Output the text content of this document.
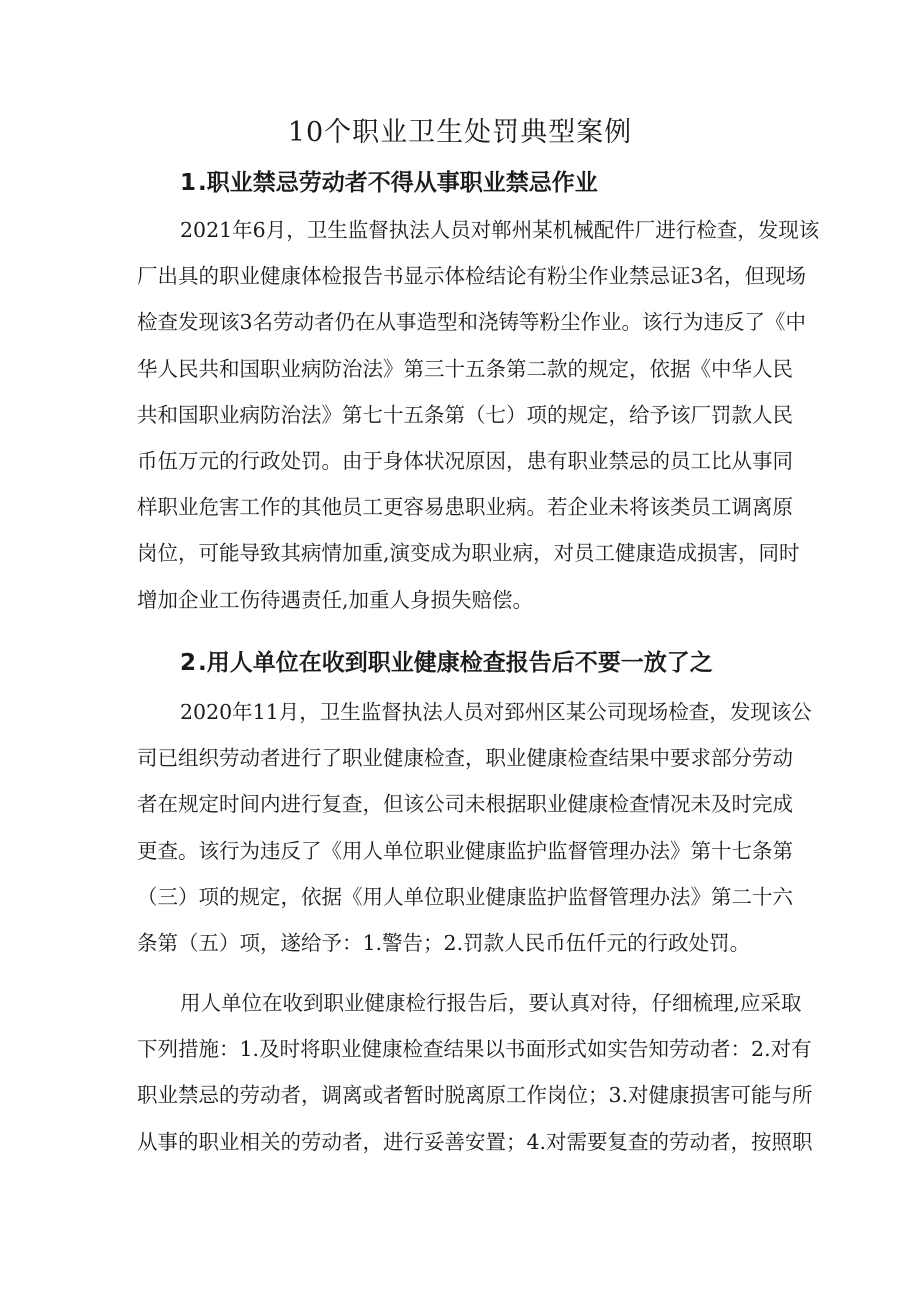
10个职业卫生处罚典型案例
1.职业禁忌劳动者不得从事职业禁忌作业
2021年6月，卫生监督执法人员对郸州某机械配件厂进行检查，发现该
厂出具的职业健康体检报告书显示体检结论有粉尘作业禁忌证3名，但现场
检查发现该3名劳动者仍在从事造型和浇铸等粉尘作业。该行为违反了《中
华人民共和国职业病防治法》第三十五条第二款的规定，依据《中华人民
共和国职业病防治法》第七十五条第（七）项的规定，给予该厂罚款人民
币伍万元的行政处罚。由于身体状况原因，患有职业禁忌的员工比从事同
样职业危害工作的其他员工更容易患职业病。若企业未将该类员工调离原
岗位，可能导致其病情加重,演变成为职业病，对员工健康造成损害，同时
增加企业工伤待遇责任,加重人身损失赔偿。
2.用人单位在收到职业健康检查报告后不要一放了之
2020年11月，卫生监督执法人员对郅州区某公司现场检查，发现该公
司已组织劳动者进行了职业健康检查，职业健康检查结果中要求部分劳动
者在规定时间内进行复查，但该公司未根据职业健康检查情况未及时完成
更查。该行为违反了《用人单位职业健康监护监督管理办法》第十七条第
（三）项的规定，依据《用人单位职业健康监护监督管理办法》第二十六
条第（五）项，遂给予：1.警告；2.罚款人民币伍仟元的行政处罚。
用人单位在收到职业健康检行报告后，要认真对待，仔细梳理,应采取
下列措施：1.及时将职业健康检查结果以书面形式如实告知劳动者：2.对有
职业禁忌的劳动者，调离或者暂时脱离原工作岗位；3.对健康损害可能与所
从事的职业相关的劳动者，进行妥善安置；4.对需要复查的劳动者，按照职
